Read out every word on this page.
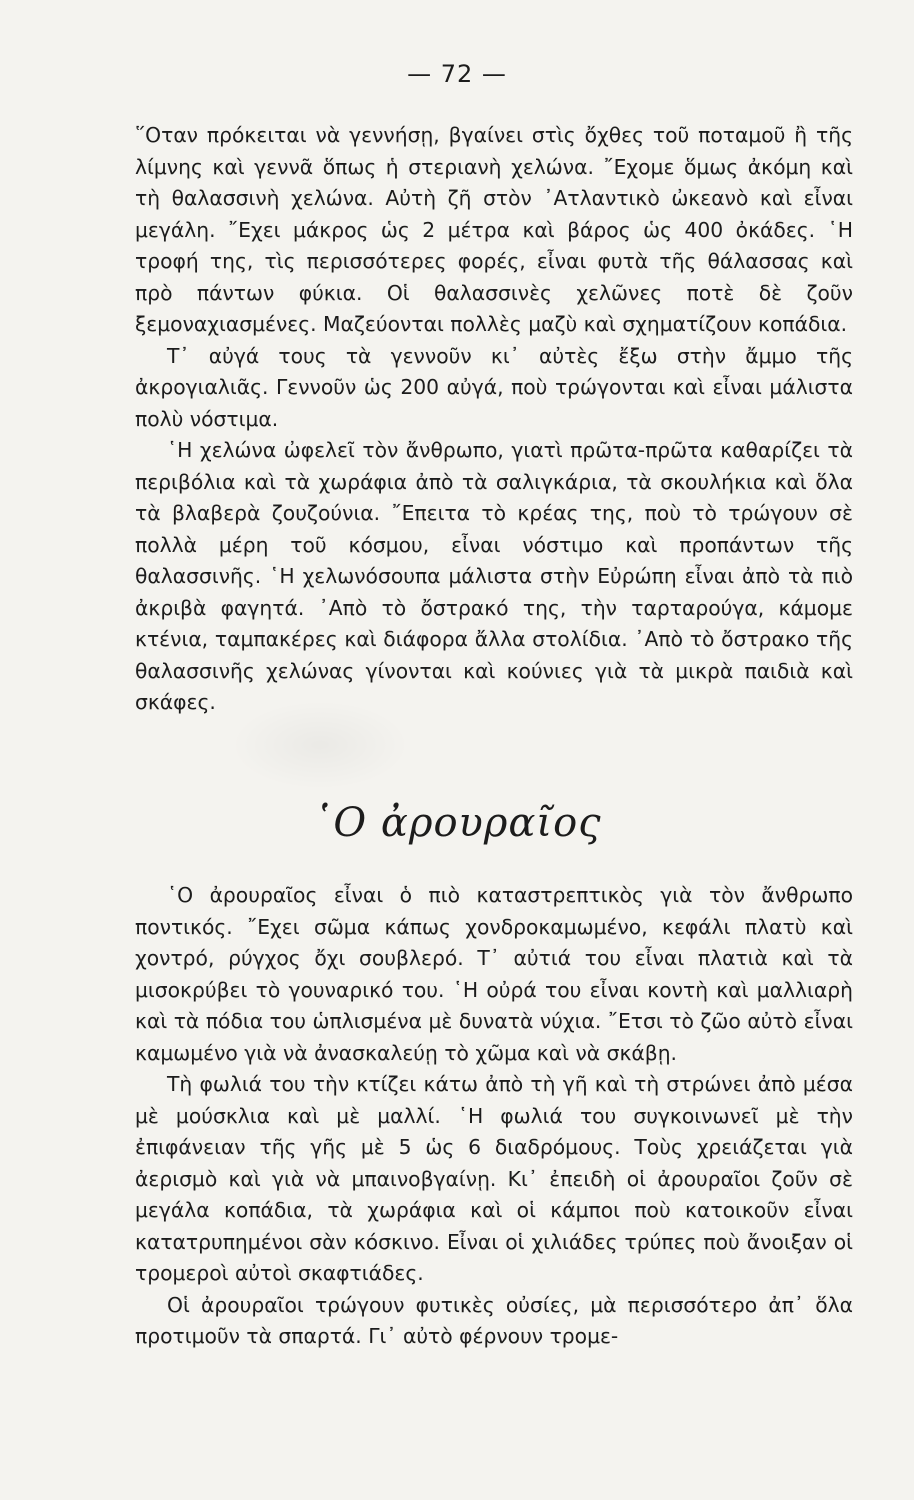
— 72 —

῞Οταν πρόκειται νὰ γεννήσῃ, βγαίνει στὶς ὄχθες τοῦ ποταμοῦ ἢ τῆς λίμνης καὶ γεννᾶ ὅπως ἡ στεριανὴ χελώνα. ῎Εχομε ὅμως ἀκόμη καὶ τὴ θαλασσινὴ χελώνα. Αὐτὴ ζῆ στὸν ᾿Ατλαντικὸ ὠκεανὸ καὶ εἶναι μεγάλη. ῎Εχει μάκρος ὡς 2 μέτρα καὶ βάρος ὡς 400 ὀκάδες. ῾Η τροφή της, τὶς περισσότερες φορές, εἶναι φυτὰ τῆς θάλασσας καὶ πρὸ πάντων φύκια. Οἱ θαλασσινὲς χελῶνες ποτὲ δὲ ζοῦν ξεμοναχιασμένες. Μαζεύονται πολλὲς μαζὺ καὶ σχηματίζουν κοπάδια.

Τ᾿ αὐγά τους τὰ γεννοῦν κι᾿ αὐτὲς ἔξω στὴν ἄμμο τῆς ἀκρογιαλιᾶς. Γεννοῦν ὡς 200 αὐγά, ποὺ τρώγονται καὶ εἶναι μάλιστα πολὺ νόστιμα.

῾Η χελώνα ὠφελεῖ τὸν ἄνθρωπο, γιατὶ πρῶτα-πρῶτα καθαρίζει τὰ περιβόλια καὶ τὰ χωράφια ἀπὸ τὰ σαλιγκάρια, τὰ σκουλήκια καὶ ὅλα τὰ βλαβερὰ ζουζούνια. ῎Επειτα τὸ κρέας της, ποὺ τὸ τρώγουν σὲ πολλὰ μέρη τοῦ κόσμου, εἶναι νόστιμο καὶ προπάντων τῆς θαλασσινῆς. ῾Η χελωνόσουπα μάλιστα στὴν Εὐρώπη εἶναι ἀπὸ τὰ πιὸ ἀκριβὰ φαγητά. ᾿Απὸ τὸ ὄστρακό της, τὴν ταρταρούγα, κάμομε κτένια, ταμπακέρες καὶ διάφορα ἄλλα στολίδια. ᾿Απὸ τὸ ὄστρακο τῆς θαλασσινῆς χελώνας γίνονται καὶ κούνιες γιὰ τὰ μικρὰ παιδιὰ καὶ σκάφες.

῾Ο ἀρουραῖος

῾Ο ἀρουραῖος εἶναι ὁ πιὸ καταστρεπτικὸς γιὰ τὸν ἄνθρωπο ποντικός. ῎Εχει σῶμα κάπως χονδροκαμωμένο, κεφάλι πλατὺ καὶ χοντρό, ρύγχος ὄχι σουβλερό. Τ᾿ αὐτιά του εἶναι πλατιὰ καὶ τὰ μισοκρύβει τὸ γουναρικό του. ῾Η οὐρά του εἶναι κοντὴ καὶ μαλλιαρὴ καὶ τὰ πόδια του ὡπλισμένα μὲ δυνατὰ νύχια. ῎Ετσι τὸ ζῶο αὐτὸ εἶναι καμωμένο γιὰ νὰ ἀνασκαλεύῃ τὸ χῶμα καὶ νὰ σκάβῃ.

Τὴ φωλιά του τὴν κτίζει κάτω ἀπὸ τὴ γῆ καὶ τὴ στρώνει ἀπὸ μέσα μὲ μούσκλια καὶ μὲ μαλλί. ῾Η φωλιά του συγκοινωνεῖ μὲ τὴν ἐπιφάνειαν τῆς γῆς μὲ 5 ὡς 6 διαδρόμους. Τοὺς χρειάζεται γιὰ ἀερισμὸ καὶ γιὰ νὰ μπαινοβγαίνῃ. Κι᾿ ἐπειδὴ οἱ ἀρουραῖοι ζοῦν σὲ μεγάλα κοπάδια, τὰ χωράφια καὶ οἱ κάμποι ποὺ κατοικοῦν εἶναι κατατρυπημένοι σὰν κόσκινο. Εἶναι οἱ χιλιάδες τρύπες ποὺ ἄνοιξαν οἱ τρομεροὶ αὐτοὶ σκαφτιάδες.

Οἱ ἀρουραῖοι τρώγουν φυτικὲς οὐσίες, μὰ περισσότερο ἀπ᾿ ὅλα προτιμοῦν τὰ σπαρτά. Γι᾿ αὐτὸ φέρνουν τρομε-
